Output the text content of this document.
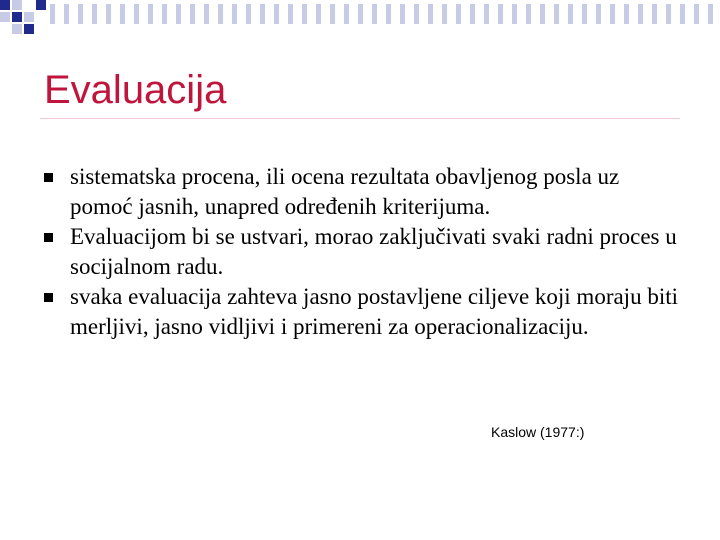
Evaluacija
sistematska procena, ili ocena rezultata obavljenog posla uz pomoć jasnih, unapred određenih kriterijuma.
Evaluacijom bi se ustvari, morao zaključivati svaki radni proces u socijalnom radu.
svaka evaluacija zahteva jasno postavljene ciljeve koji moraju biti merljivi, jasno vidljivi i primereni za operacionalizaciju.
Kaslow (1977:)
